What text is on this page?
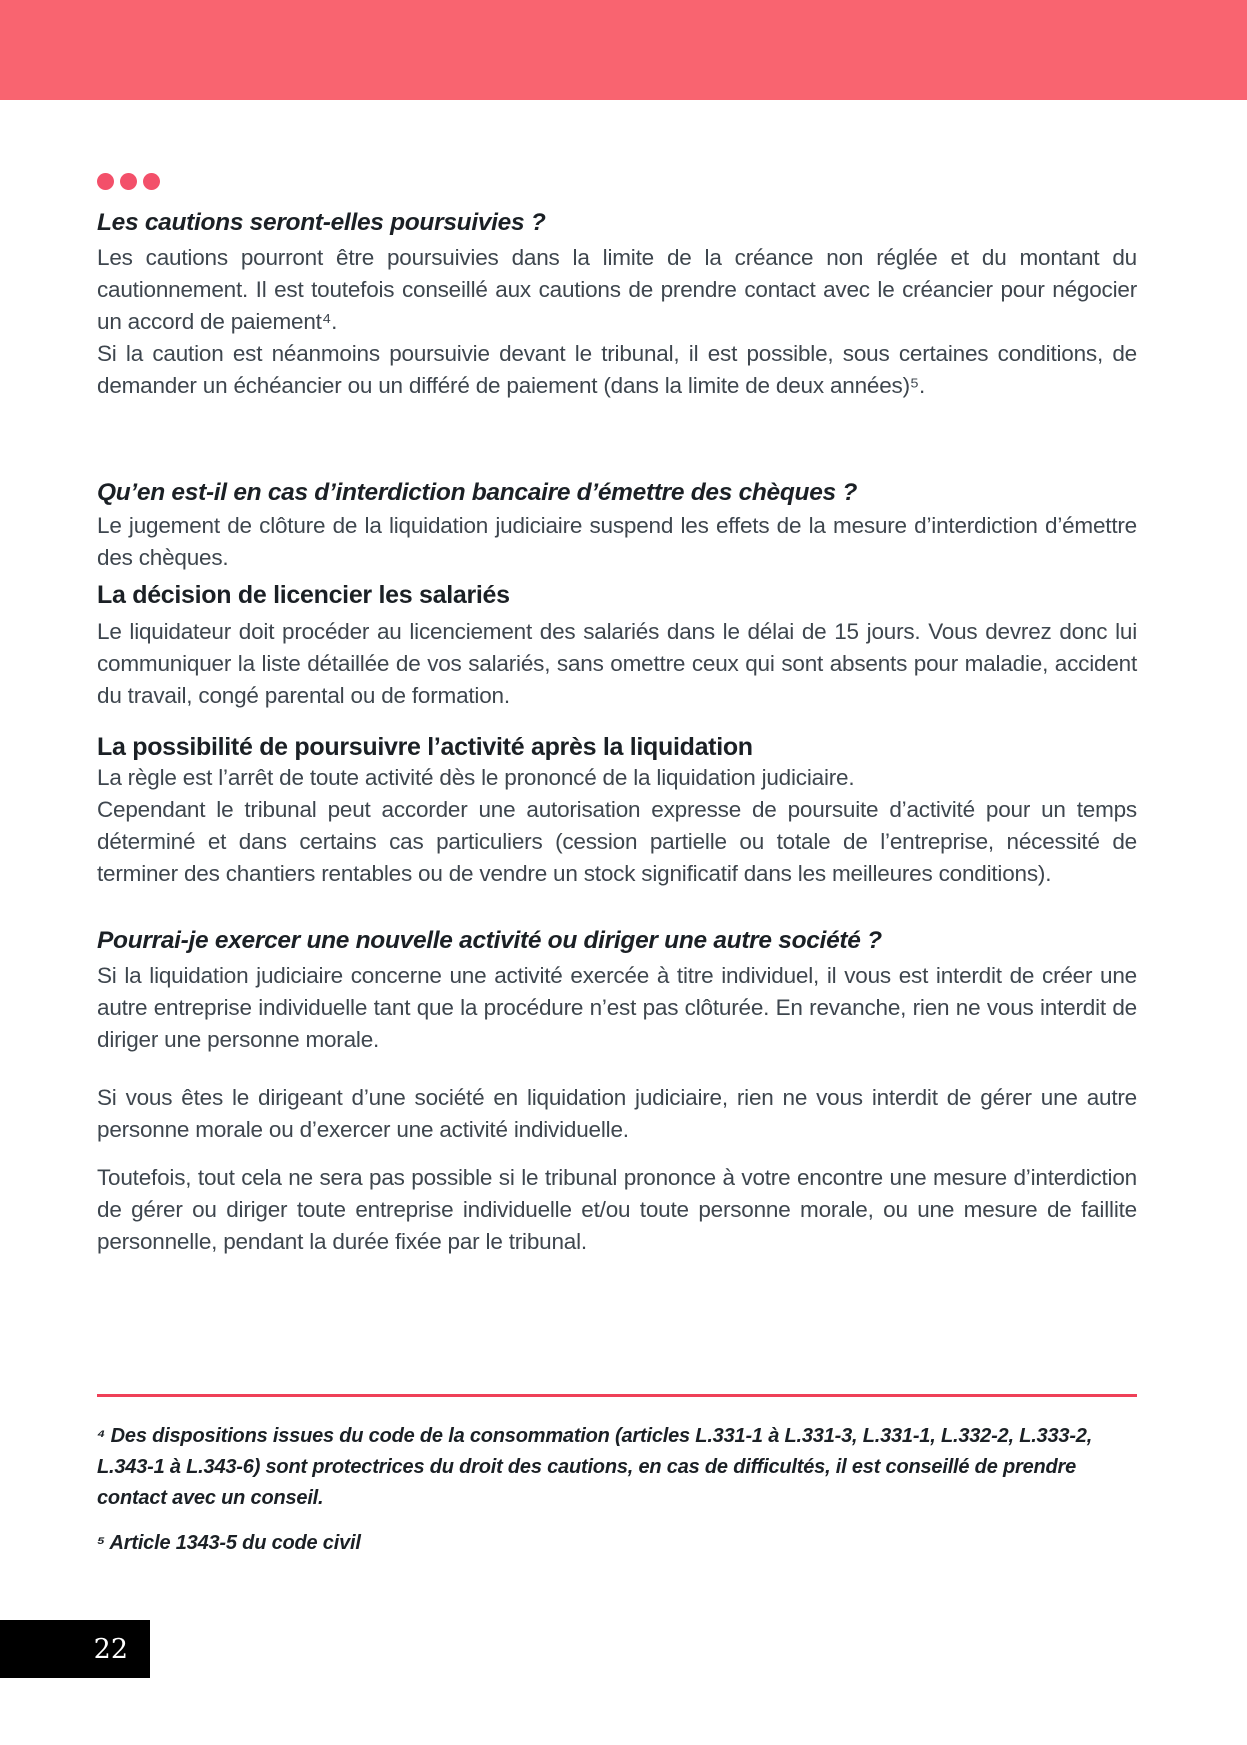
Les cautions seront-elles poursuivies ?

Les cautions pourront être poursuivies dans la limite de la créance non réglée et du montant du cautionnement. Il est toutefois conseillé aux cautions de prendre contact avec le créancier pour négocier un accord de paiement⁴.

Si la caution est néanmoins poursuivie devant le tribunal, il est possible, sous certaines conditions, de demander un échéancier ou un différé de paiement (dans la limite de deux années)⁵.

Qu’en est-il en cas d’interdiction bancaire d’émettre des chèques ?

Le jugement de clôture de la liquidation judiciaire suspend les effets de la mesure d’interdiction d’émettre des chèques.

La décision de licencier les salariés

Le liquidateur doit procéder au licenciement des salariés dans le délai de 15 jours. Vous devrez donc lui communiquer la liste détaillée de vos salariés, sans omettre ceux qui sont absents pour maladie, accident du travail, congé parental ou de formation.

La possibilité de poursuivre l’activité après la liquidation

La règle est l’arrêt de toute activité dès le prononcé de la liquidation judiciaire.

Cependant le tribunal peut accorder une autorisation expresse de poursuite d’activité pour un temps déterminé et dans certains cas particuliers (cession partielle ou totale de l’entreprise, nécessité de terminer des chantiers rentables ou de vendre un stock significatif dans les meilleures conditions).

Pourrai-je exercer une nouvelle activité ou diriger une autre société ?

Si la liquidation judiciaire concerne une activité exercée à titre individuel, il vous est interdit de créer une autre entreprise individuelle tant que la procédure n’est pas clôturée. En revanche, rien ne vous interdit de diriger une personne morale.

Si vous êtes le dirigeant d’une société en liquidation judiciaire, rien ne vous interdit de gérer une autre personne morale ou d’exercer une activité individuelle.

Toutefois, tout cela ne sera pas possible si le tribunal prononce à votre encontre une mesure d’interdiction de gérer ou diriger toute entreprise individuelle et/ou toute personne morale, ou une mesure de faillite personnelle, pendant la durée fixée par le tribunal.

⁴ Des dispositions issues du code de la consommation (articles L.331-1 à L.331-3, L.331-1, L.332-2, L.333-2, L.343-1 à L.343-6) sont protectrices du droit des cautions, en cas de difficultés, il est conseillé de prendre contact avec un conseil.

⁵ Article 1343-5 du code civil

22
